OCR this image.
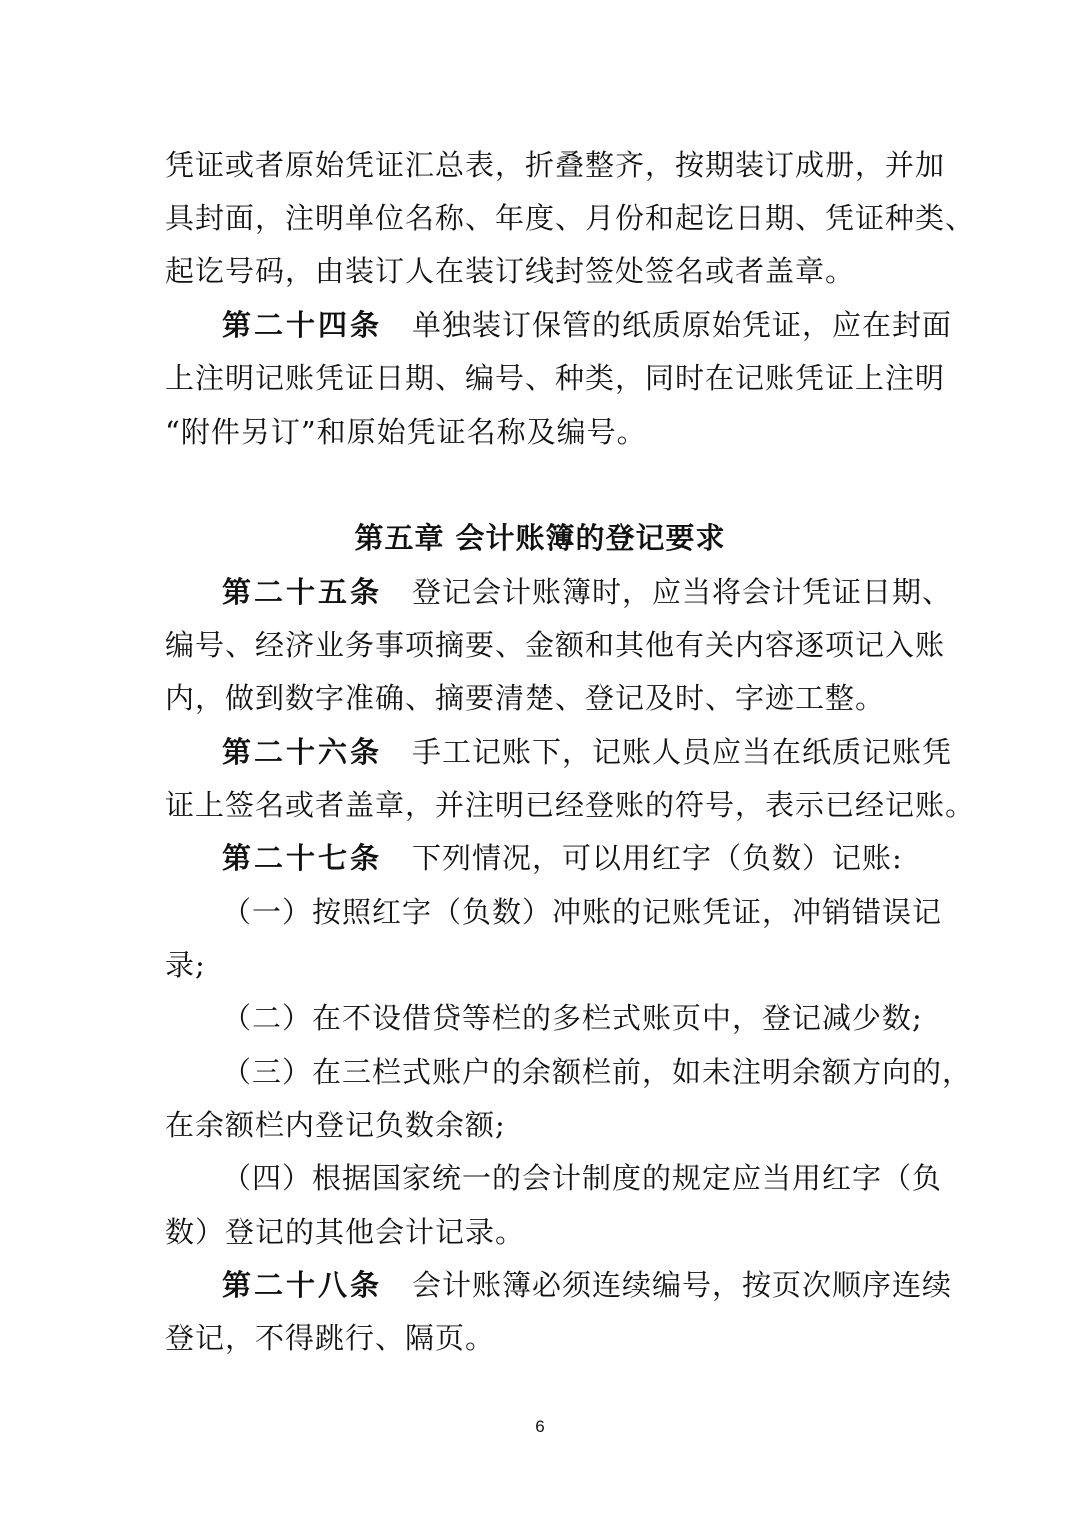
凭证或者原始凭证汇总表，折叠整齐，按期装订成册，并加
具封面，注明单位名称、年度、月份和起讫日期、凭证种类、
起讫号码，由装订人在装订线封签处签名或者盖章。
第二十四条 单独装订保管的纸质原始凭证，应在封面
上注明记账凭证日期、编号、种类，同时在记账凭证上注明
“附件另订”和原始凭证名称及编号。
第五章 会计账簿的登记要求
第二十五条 登记会计账簿时，应当将会计凭证日期、
编号、经济业务事项摘要、金额和其他有关内容逐项记入账
内，做到数字准确、摘要清楚、登记及时、字迹工整。
第二十六条 手工记账下，记账人员应当在纸质记账凭
证上签名或者盖章，并注明已经登账的符号，表示已经记账。
第二十七条 下列情况，可以用红字（负数）记账:
（一）按照红字（负数）冲账的记账凭证，冲销错误记
录;
（二）在不设借贷等栏的多栏式账页中，登记减少数;
（三）在三栏式账户的余额栏前，如未注明余额方向的，
在余额栏内登记负数余额;
（四）根据国家统一的会计制度的规定应当用红字（负
数）登记的其他会计记录。
第二十八条 会计账簿必须连续编号，按页次顺序连续
登记，不得跳行、隔页。
6
